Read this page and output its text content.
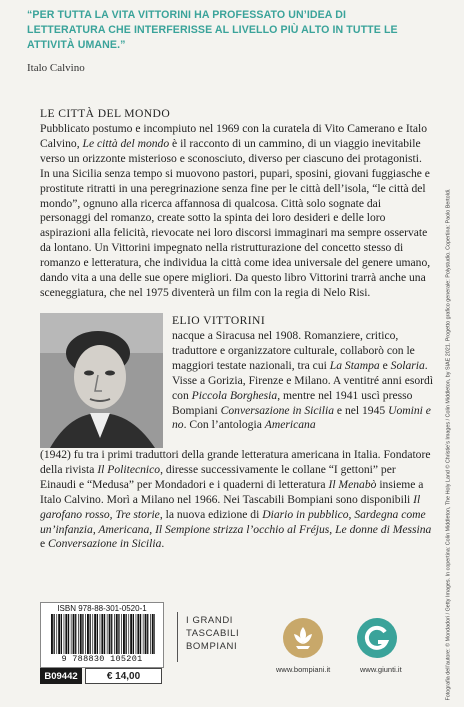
“PER TUTTA LA VITA VITTORINI HA PROFESSATO UN’IDEA DI LETTERATURA CHE INTERFERISSE AL LIVELLO PIÙ ALTO IN TUTTE LE ATTIVITÀ UMANE.”
Italo Calvino
LE CITTÀ DEL MONDO
Pubblicato postumo e incompiuto nel 1969 con la curatela di Vito Camerano e Italo Calvino, Le città del mondo è il racconto di un cammino, di un viaggio inevitabile verso un orizzonte misterioso e sconosciuto, diverso per ciascuno dei protagonisti. In una Sicilia senza tempo si muovono pastori, pupari, sposini, giovani fuggiasche e prostitute ritratti in una peregrinazione senza fine per le città dell’isola, “le città del mondo”, ognuno alla ricerca affannosa di qualcosa. Città solo sognate dai personaggi del romanzo, create sotto la spinta dei loro desideri e delle loro aspirazioni alla felicità, rievocate nei loro discorsi immaginari ma sempre osservate da lontano. Un Vittorini impegnato nella ristrutturazione del concetto stesso di romanzo e letteratura, che individua la città come idea universale del genere umano, dando vita a una delle sue opere migliori. Da questo libro Vittorini trarrà anche una sceneggiatura, che nel 1975 diventerà un film con la regia di Nelo Risi.
ELIO VITTORINI
nacque a Siracusa nel 1908. Romanziere, critico, traduttore e organizzatore culturale, collaborò con le maggiori testate nazionali, tra cui La Stampa e Solaria. Visse a Gorizia, Firenze e Milano. A ventitré anni esordì con Piccola Borghesia, mentre nel 1941 uscì presso Bompiani Conversazione in Sicilia e nel 1945 Uomini e no. Con l’antologia Americana
(1942) fu tra i primi traduttori della grande letteratura americana in Italia. Fondatore della rivista Il Politecnico, diresse successivamente le collane “I gettoni” per Einaudi e “Medusa” per Mondadori e i quaderni di letteratura Il Menabò insieme a Italo Calvino. Morì a Milano nel 1966. Nei Tascabili Bompiani sono disponibili Il garofano rosso, Tre storie, la nuova edizione di Diario in pubblico, Sardegna come un’infanzia, Americana, Il Sempione strizza l’occhio al Fréjus, Le donne di Messina e Conversazione in Sicilia.
ISBN 978-88-301-0520-1
9 788830 105201
B09442	€ 14,00
I GRANDI
TASCABILI
BOMPIANI
www.bompiani.it	www.giunti.it	Fotografia dell’autore: © Mondadori / Getty Images. In copertina: Colin Middleton, The Holy Land © Christie’s Images / Colin Middleton, by SIAE 2021. Progetto grafico generale: Polystudio. Copertina: Paolo Bertoldi.
